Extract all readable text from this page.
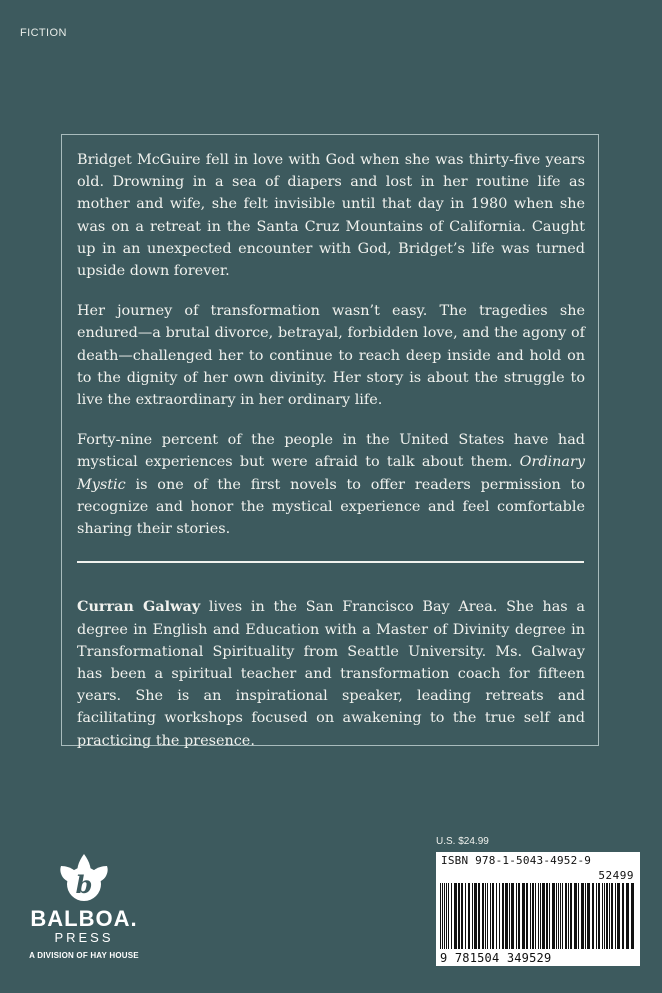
FICTION

Bridget McGuire fell in love with God when she was thirty-five years old. Drowning in a sea of diapers and lost in her routine life as mother and wife, she felt invisible until that day in 1980 when she was on a retreat in the Santa Cruz Mountains of California. Caught up in an unexpected encounter with God, Bridget’s life was turned upside down forever.

Her journey of transformation wasn’t easy. The tragedies she endured—a brutal divorce, betrayal, forbidden love, and the agony of death—challenged her to continue to reach deep inside and hold on to the dignity of her own divinity. Her story is about the struggle to live the extraordinary in her ordinary life.

Forty-nine percent of the people in the United States have had mystical experiences but were afraid to talk about them. Ordinary Mystic is one of the first novels to offer readers permission to recognize and honor the mystical experience and feel comfortable sharing their stories.

Curran Galway lives in the San Francisco Bay Area. She has a degree in English and Education with a Master of Divinity degree in Transformational Spirituality from Seattle University. Ms. Galway has been a spiritual teacher and transformation coach for fifteen years. She is an inspirational speaker, leading retreats and facilitating workshops focused on awakening to the true self and practicing the presence.

b
BALBOA.
PRESS
A DIVISION OF HAY HOUSE
U.S. $24.99
ISBN 978-1-5043-4952-9
52499
9 781504 349529
